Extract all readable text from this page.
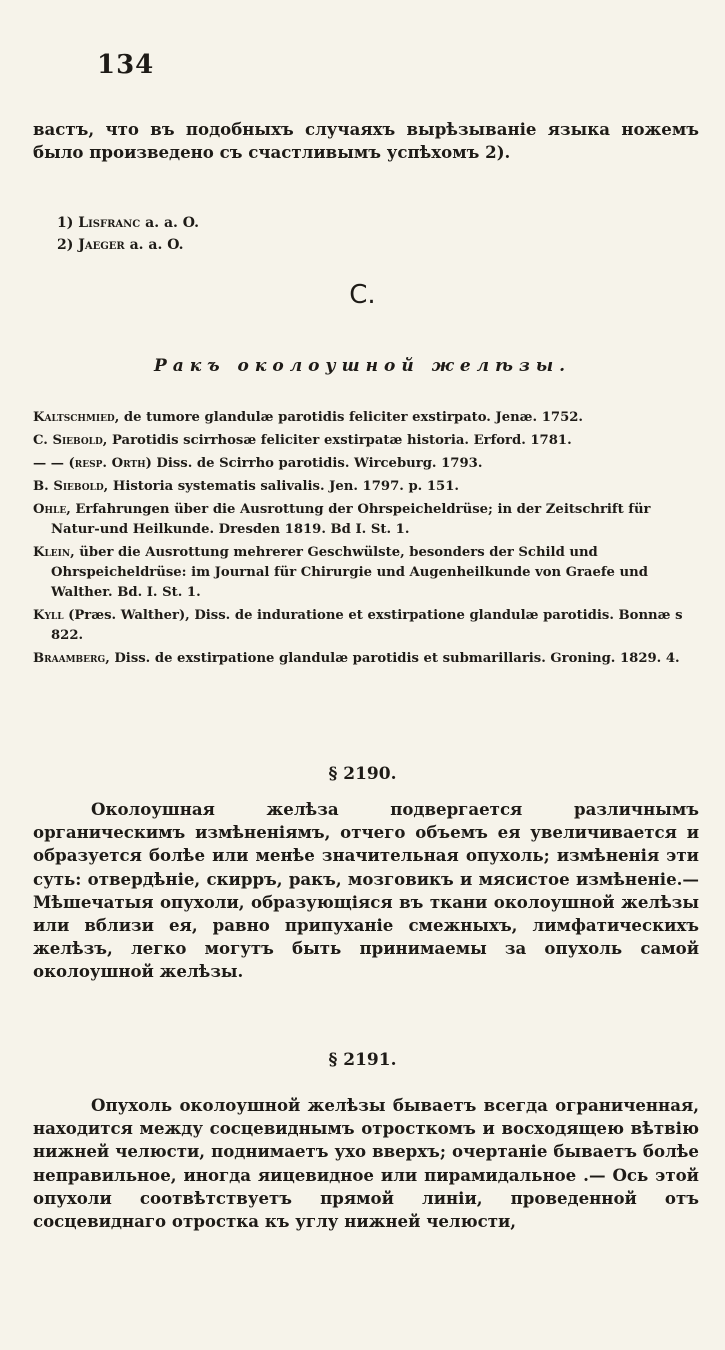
134

вастъ, что въ подобныхъ случаяхъ вырѣзываніе языка ножемъ было произведено съ счастливымъ успѣхомъ 2).

1) Lisfranc a. a. O.

2) Jaeger a. a. O.

C.
Ракъ околоушной желѣзы.

Kaltschmied, de tumore glandulæ parotidis feliciter exstirpato. Jenæ. 1752.

C. Siebold, Parotidis scirrhosæ feliciter exstirpatæ historia. Erford. 1781.

— — (resp. Orth) Diss. de Scirrho parotidis. Wirceburg. 1793.

B. Siebold, Historia systematis salivalis. Jen. 1797. p. 151.

Ohle, Erfahrungen über die Ausrottung der Ohrspeicheldrüse; in der Zeitschrift für Natur-und Heilkunde. Dresden 1819. Bd I. St. 1.

Klein, über die Ausrottung mehrerer Geschwülste, besonders der Schild und Ohrspeicheldrüse: im Journal für Chirurgie und Augenheilkunde von Graefe und Walther. Bd. I. St. 1.

Kyll (Præs. Walther), Diss. de induratione et exstirpatione glandulæ parotidis. Bonnæ s 822.

Braamberg, Diss. de exstirpatione glandulæ parotidis et submarillaris. Groning. 1829. 4.

§ 2190.

Околоушная желѣза подвергается различнымъ органическимъ измѣненіямъ, отчего объемъ ея увеличивается и образуется болѣе или менѣе значительная опухоль; измѣненія эти суть: отвердѣніе, скирръ, ракъ, мозговикъ и мясистое измѣненіе.—Мѣшечатыя опухоли, образующіяся въ ткани околоушной желѣзы или вблизи ея, равно припуханіе смежныхъ, лимфатическихъ желѣзъ, легко могутъ быть принимаемы за опухоль самой околоушной желѣзы.

§ 2191.

Опухоль околоушной желѣзы бываетъ всегда ограниченная, находится между сосцевиднымъ отросткомъ и восходящею вѣтвію нижней челюсти, поднимаетъ ухо вверхъ; очертаніе бываетъ болѣе неправильное, иногда яицевидное или пирамидальное .— Ось этой опухоли соотвѣтствуетъ прямой линіи, проведенной отъ сосцевиднаго отростка къ углу нижней челюсти,
